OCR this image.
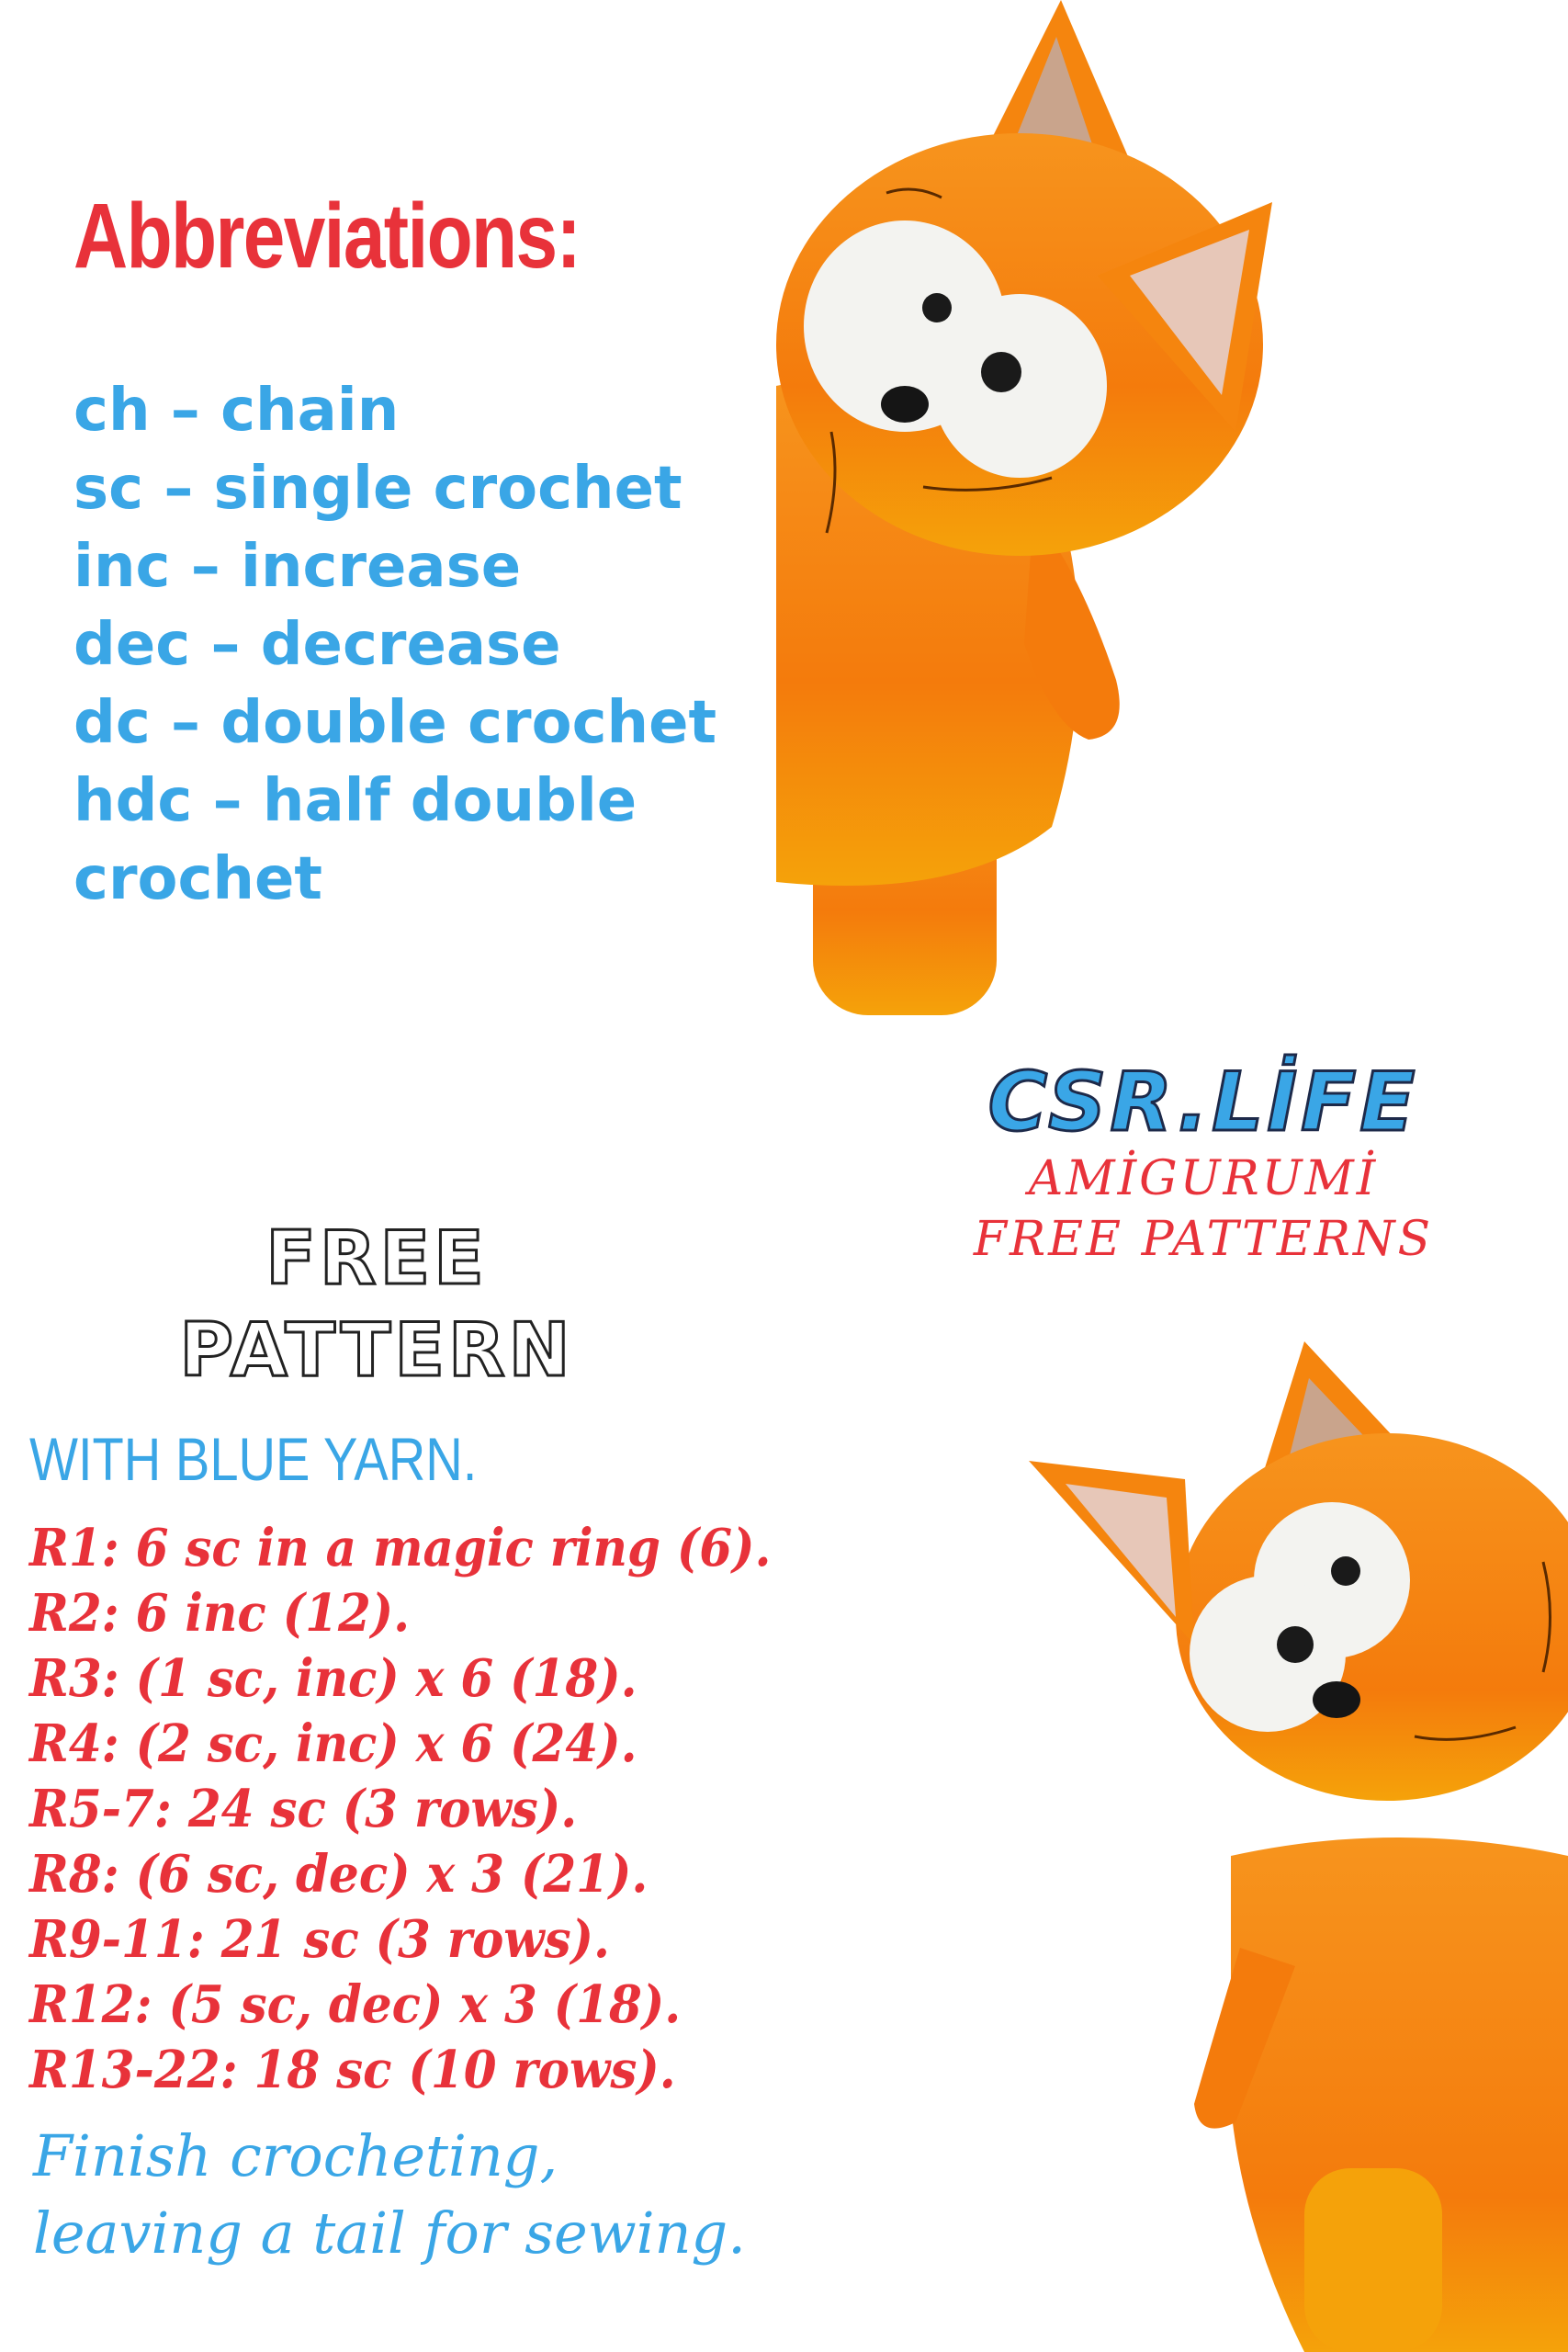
Abbreviations:
ch – chain
sc – single crochet
inc – increase
dec – decrease
dc – double crochet
hdc – half double
crochet
CSR.LİFE
AMİGURUMİ
FREE PATTERNS
FREE
PATTERN
WITH BLUE YARN.
R1: 6 sc in a magic ring (6).
R2: 6 inc (12).
R3: (1 sc, inc) x 6 (18).
R4: (2 sc, inc) x 6 (24).
R5-7: 24 sc (3 rows).
R8: (6 sc, dec) x 3 (21).
R9-11: 21 sc (3 rows).
R12: (5 sc, dec) x 3 (18).
R13-22: 18 sc (10 rows).

Finish crocheting,
leaving a tail for sewing.
